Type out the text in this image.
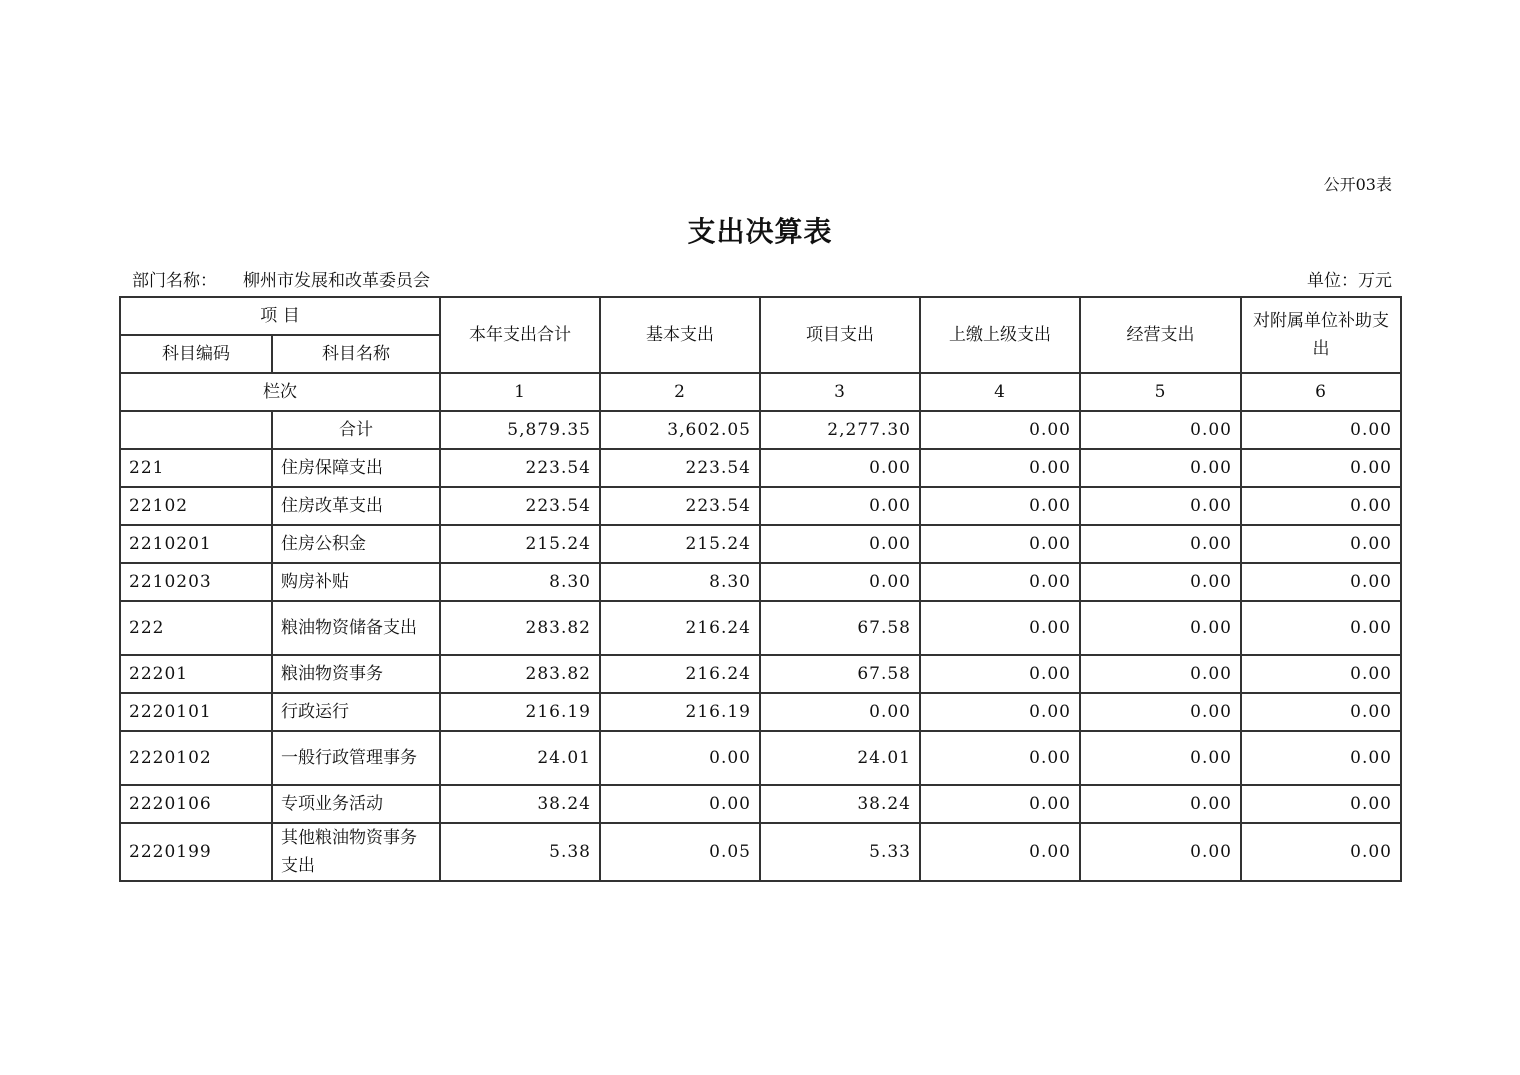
公开03表
支出决算表
部门名称： 柳州市发展和改革委员会	单位：万元
项 目		本年支出合计	基本支出	项目支出	上缴上级支出	经营支出	对附属单位补助支出
科目编码	科目名称						
栏次		1	2	3	4	5	6
	合计	5,879.35	3,602.05	2,277.30	0.00	0.00	0.00
221	住房保障支出	223.54	223.54	0.00	0.00	0.00	0.00
22102	住房改革支出	223.54	223.54	0.00	0.00	0.00	0.00
2210201	住房公积金	215.24	215.24	0.00	0.00	0.00	0.00
2210203	购房补贴	8.30	8.30	0.00	0.00	0.00	0.00
222	粮油物资储备支出	283.82	216.24	67.58	0.00	0.00	0.00
22201	粮油物资事务	283.82	216.24	67.58	0.00	0.00	0.00
2220101	行政运行	216.19	216.19	0.00	0.00	0.00	0.00
2220102	一般行政管理事务	24.01	0.00	24.01	0.00	0.00	0.00
2220106	专项业务活动	38.24	0.00	38.24	0.00	0.00	0.00
2220199	其他粮油物资事务支出	5.38	0.05	5.33	0.00	0.00	0.00
